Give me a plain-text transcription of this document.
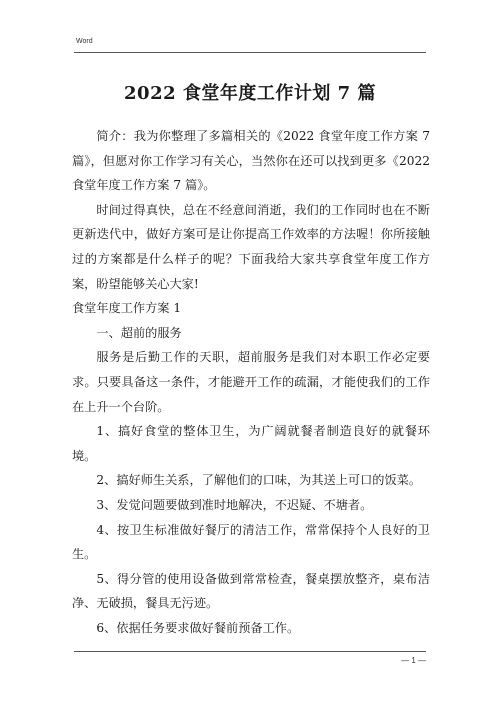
Word
2022 食堂年度工作计划 7 篇

简介：我为你整理了多篇相关的《2022 食堂年度工作方案 7 篇》，但愿对你工作学习有关心，当然你在还可以找到更多《2022 食堂年度工作方案 7 篇》。

时间过得真快，总在不经意间消逝，我们的工作同时也在不断更新迭代中，做好方案可是让你提高工作效率的方法喔！你所接触过的方案都是什么样子的呢？下面我给大家共享食堂年度工作方案，盼望能够关心大家!

食堂年度工作方案 1

一、超前的服务

服务是后勤工作的天职，超前服务是我们对本职工作必定要求。只要具备这一条件，才能避开工作的疏漏，才能使我们的工作在上升一个台阶。

1、搞好食堂的整体卫生，为广阔就餐者制造良好的就餐环境。

2、搞好师生关系，了解他们的口味，为其送上可口的饭菜。

3、发觉问题要做到准时地解决，不迟疑、不塘者。

4、按卫生标准做好餐厅的清洁工作，常常保持个人良好的卫生。

5、得分管的使用设备做到常常检查，餐桌摆放整齐，桌布洁净、无破损，餐具无污迹。

6、依据任务要求做好餐前预备工作。

— 1 —
